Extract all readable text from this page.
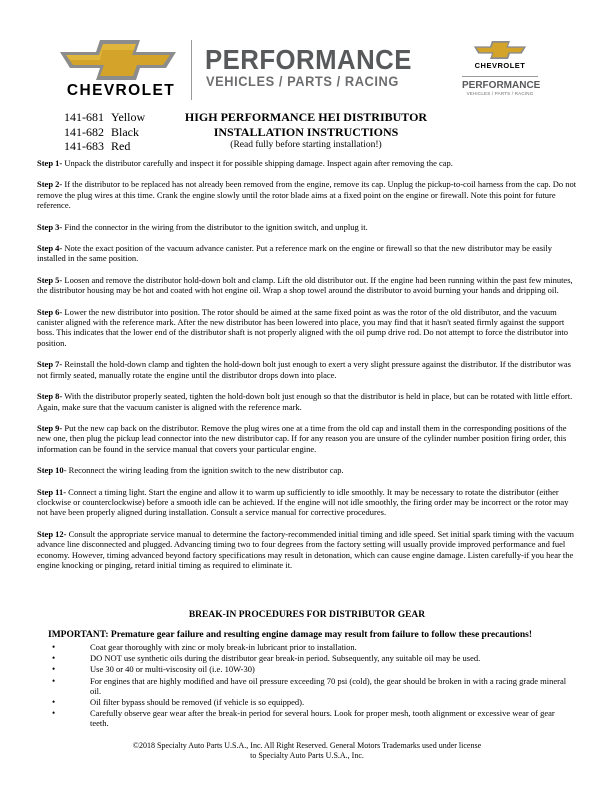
CHEVROLET
PERFORMANCE
VEHICLES / PARTS / RACING
CHEVROLET
PERFORMANCE
VEHICLES / PARTS / RACING
141-681 Yellow
141-682 Black
141-683 Red
HIGH PERFORMANCE HEI DISTRIBUTOR
INSTALLATION INSTRUCTIONS
(Read fully before starting installation!)

Step 1- Unpack the distributor carefully and inspect it for possible shipping damage. Inspect again after removing the cap.

Step 2- If the distributor to be replaced has not already been removed from the engine, remove its cap. Unplug the pickup-to-coil harness from the cap. Do not remove the plug wires at this time. Crank the engine slowly until the rotor blade aims at a fixed point on the engine or firewall. Note this point for future reference.

Step 3- Find the connector in the wiring from the distributor to the ignition switch, and unplug it.

Step 4- Note the exact position of the vacuum advance canister. Put a reference mark on the engine or firewall so that the new distributor may be easily installed in the same position.

Step 5- Loosen and remove the distributor hold-down bolt and clamp. Lift the old distributor out. If the engine had been running within the past few minutes, the distributor housing may be hot and coated with hot engine oil. Wrap a shop towel around the distributor to avoid burning your hands and dripping oil.

Step 6- Lower the new distributor into position. The rotor should be aimed at the same fixed point as was the rotor of the old distributor, and the vacuum canister aligned with the reference mark. After the new distributor has been lowered into place, you may find that it hasn't seated firmly against the support boss. This indicates that the lower end of the distributor shaft is not properly aligned with the oil pump drive rod. Do not attempt to force the distributor into position.

Step 7- Reinstall the hold-down clamp and tighten the hold-down bolt just enough to exert a very slight pressure against the distributor. If the distributor was not firmly seated, manually rotate the engine until the distributor drops down into place.

Step 8- With the distributor properly seated, tighten the hold-down bolt just enough so that the distributor is held in place, but can be rotated with little effort. Again, make sure that the vacuum canister is aligned with the reference mark.

Step 9- Put the new cap back on the distributor. Remove the plug wires one at a time from the old cap and install them in the corresponding positions of the new one, then plug the pickup lead connector into the new distributor cap. If for any reason you are unsure of the cylinder number position firing order, this information can be found in the service manual that covers your particular engine.

Step 10- Reconnect the wiring leading from the ignition switch to the new distributor cap.

Step 11- Connect a timing light. Start the engine and allow it to warm up sufficiently to idle smoothly. It may be necessary to rotate the distributor (either clockwise or counterclockwise) before a smooth idle can be achieved. If the engine will not idle smoothly, the firing order may be incorrect or the rotor may not have been properly aligned during installation. Consult a service manual for corrective procedures.

Step 12- Consult the appropriate service manual to determine the factory-recommended initial timing and idle speed. Set initial spark timing with the vacuum advance line disconnected and plugged. Advancing timing two to four degrees from the factory setting will usually provide improved performance and fuel economy. However, timing advanced beyond factory specifications may result in detonation, which can cause engine damage. Listen carefully-if you hear the engine knocking or pinging, retard initial timing as required to eliminate it.

BREAK-IN PROCEDURES FOR DISTRIBUTOR GEAR
IMPORTANT: Premature gear failure and resulting engine damage may result from failure to follow these precautions!
•	Coat gear thoroughly with zinc or moly break-in lubricant prior to installation.
•	DO NOT use synthetic oils during the distributor gear break-in period. Subsequently, any suitable oil may be used.
•	Use 30 or 40 or multi-viscosity oil (i.e. 10W-30)
•	For engines that are highly modified and have oil pressure exceeding 70 psi (cold), the gear should be broken in with a racing grade mineral oil.
•	Oil filter bypass should be removed (if vehicle is so equipped).
•	Carefully observe gear wear after the break-in period for several hours. Look for proper mesh, tooth alignment or excessive wear of gear teeth.
©2018 Specialty Auto Parts U.S.A., Inc. All Right Reserved. General Motors Trademarks used under license
to Specialty Auto Parts U.S.A., Inc.
